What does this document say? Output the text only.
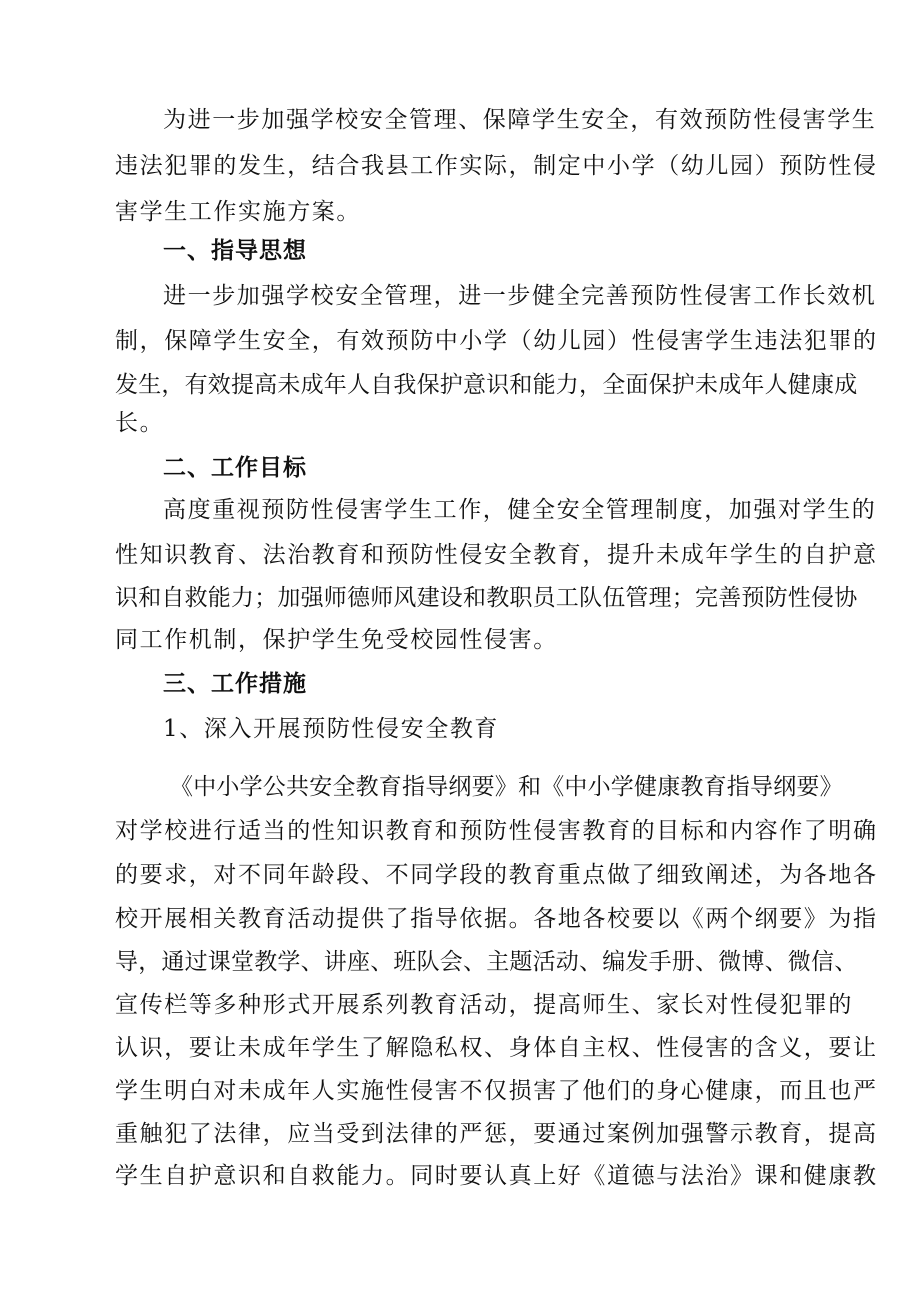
为进一步加强学校安全管理、保障学生安全，有效预防性侵害学生
违法犯罪的发生，结合我县工作实际，制定中小学（幼儿园）预防性侵
害学生工作实施方案。
一、指导思想
进一步加强学校安全管理，进一步健全完善预防性侵害工作长效机
制，保障学生安全，有效预防中小学（幼儿园）性侵害学生违法犯罪的
发生，有效提高未成年人自我保护意识和能力，全面保护未成年人健康成
长。
二、工作目标
高度重视预防性侵害学生工作，健全安全管理制度，加强对学生的
性知识教育、法治教育和预防性侵安全教育，提升未成年学生的自护意
识和自救能力；加强师德师风建设和教职员工队伍管理；完善预防性侵协
同工作机制，保护学生免受校园性侵害。
三、工作措施
1、深入开展预防性侵安全教育
《中小学公共安全教育指导纲要》和《中小学健康教育指导纲要》
对学校进行适当的性知识教育和预防性侵害教育的目标和内容作了明确
的要求，对不同年龄段、不同学段的教育重点做了细致阐述，为各地各
校开展相关教育活动提供了指导依据。各地各校要以《两个纲要》为指
导，通过课堂教学、讲座、班队会、主题活动、编发手册、微博、微信、
宣传栏等多种形式开展系列教育活动，提高师生、家长对性侵犯罪的
认识，要让未成年学生了解隐私权、身体自主权、性侵害的含义，要让
学生明白对未成年人实施性侵害不仅损害了他们的身心健康，而且也严
重触犯了法律，应当受到法律的严惩，要通过案例加强警示教育，提高
学生自护意识和自救能力。同时要认真上好《道德与法治》课和健康教
